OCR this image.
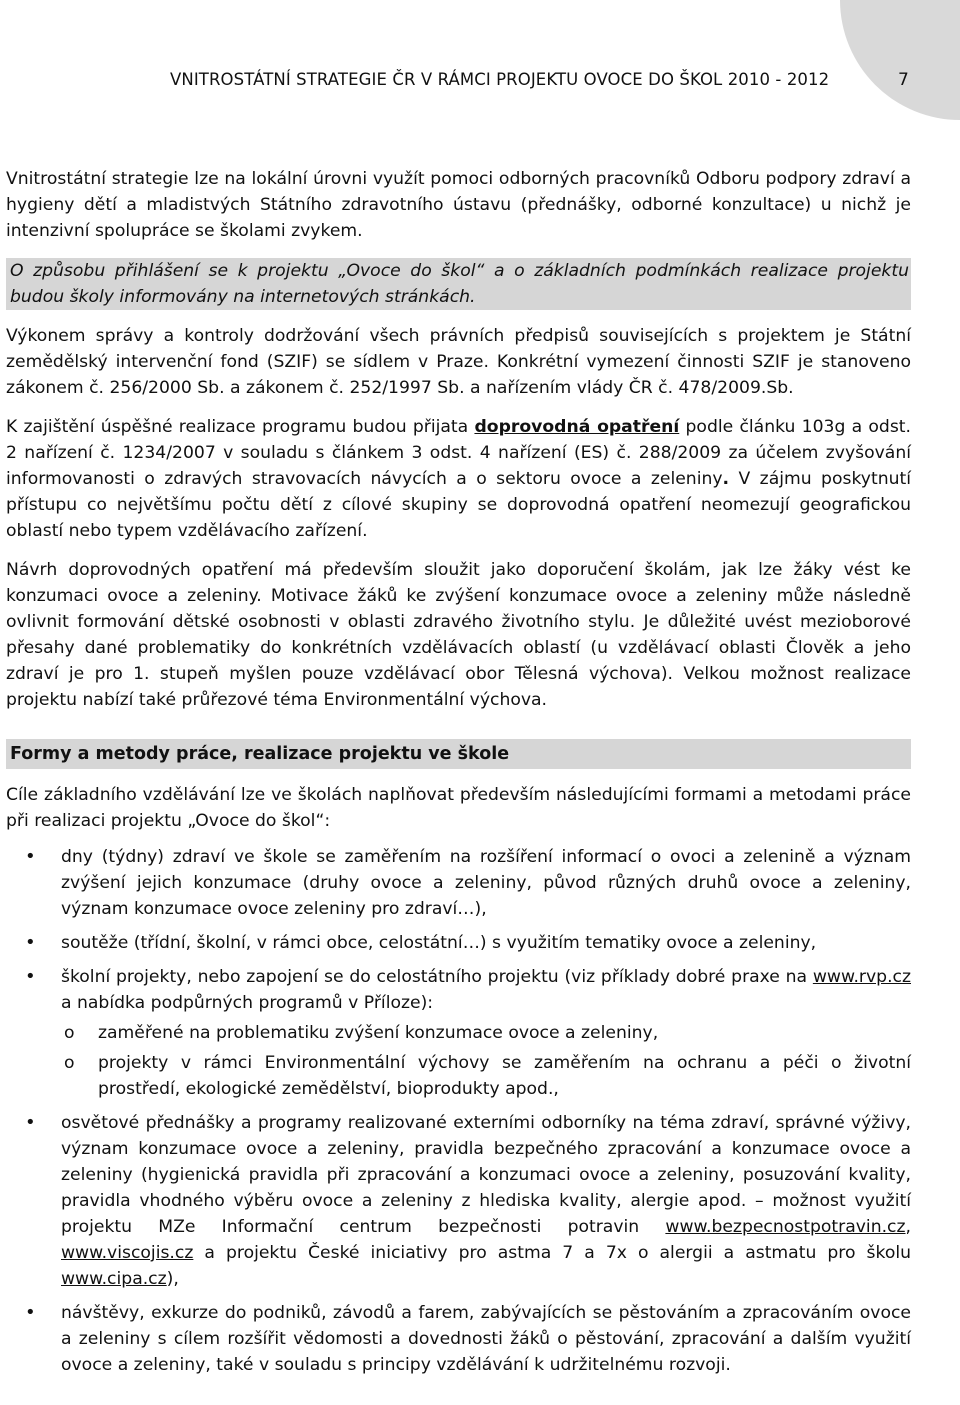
VNITROSTÁTNÍ STRATEGIE ČR V RÁMCI PROJEKTU OVOCE DO ŠKOL 2010 - 2012	7

Vnitrostátní strategie lze na lokální úrovni využít pomoci odborných pracovníků Odboru podpory zdraví a hygieny dětí a mladistvých Státního zdravotního ústavu (přednášky, odborné konzultace) u nichž je intenzivní spolupráce se školami zvykem.

O způsobu přihlášení se k projektu „Ovoce do škol“ a o základních podmínkách realizace projektu budou školy informovány na internetových stránkách.

Výkonem správy a kontroly dodržování všech právních předpisů souvisejících s projektem je Státní zemědělský intervenční fond (SZIF) se sídlem v Praze. Konkrétní vymezení činnosti SZIF je stanoveno zákonem č. 256/2000 Sb. a zákonem č. 252/1997 Sb. a nařízením vlády ČR č. 478/2009.Sb.

K zajištění úspěšné realizace programu budou přijata doprovodná opatření podle článku 103g a odst. 2 nařízení č. 1234/2007 v souladu s článkem 3 odst. 4 nařízení (ES) č. 288/2009 za účelem zvyšování informovanosti o zdravých stravovacích návycích a o sektoru ovoce a zeleniny. V zájmu poskytnutí přístupu co největšímu počtu dětí z cílové skupiny se doprovodná opatření neomezují geografickou oblastí nebo typem vzdělávacího zařízení.

Návrh doprovodných opatření má především sloužit jako doporučení školám, jak lze žáky vést ke konzumaci ovoce a zeleniny. Motivace žáků ke zvýšení konzumace ovoce a zeleniny může následně ovlivnit formování dětské osobnosti v oblasti zdravého životního stylu. Je důležité uvést mezioborové přesahy dané problematiky do konkrétních vzdělávacích oblastí (u vzdělávací oblasti Člověk a jeho zdraví je pro 1. stupeň myšlen pouze vzdělávací obor Tělesná výchova). Velkou možnost realizace projektu nabízí také průřezové téma Environmentální výchova.

Formy a metody práce, realizace projektu ve škole

Cíle základního vzdělávání lze ve školách naplňovat především následujícími formami a metodami práce při realizaci projektu „Ovoce do škol“:

• dny (týdny) zdraví ve škole se zaměřením na rozšíření informací o ovoci a zelenině a význam zvýšení jejich konzumace (druhy ovoce a zeleniny, původ různých druhů ovoce a zeleniny, význam konzumace ovoce zeleniny pro zdraví…),
• soutěže (třídní, školní, v rámci obce, celostátní…) s využitím tematiky ovoce a zeleniny,
• školní projekty, nebo zapojení se do celostátního projektu (viz příklady dobré praxe na www.rvp.cz a nabídka podpůrných programů v Příloze):
o zaměřené na problematiku zvýšení konzumace ovoce a zeleniny,
o projekty v rámci Environmentální výchovy se zaměřením na ochranu a péči o životní prostředí, ekologické zemědělství, bioprodukty apod.,
• osvětové přednášky a programy realizované externími odborníky na téma zdraví, správné výživy, význam konzumace ovoce a zeleniny, pravidla bezpečného zpracování a konzumace ovoce a zeleniny (hygienická pravidla při zpracování a konzumaci ovoce a zeleniny, posuzování kvality, pravidla vhodného výběru ovoce a zeleniny z hlediska kvality, alergie apod. – možnost využití projektu MZe Informační centrum bezpečnosti potravin www.bezpecnostpotravin.cz, www.viscojis.cz a projektu České iniciativy pro astma 7 a 7x o alergii a astmatu pro školu www.cipa.cz),
• návštěvy, exkurze do podniků, závodů a farem, zabývajících se pěstováním a zpracováním ovoce a zeleniny s cílem rozšířit vědomosti a dovednosti žáků o pěstování, zpracování a dalším využití ovoce a zeleniny, také v souladu s principy vzdělávání k udržitelnému rozvoji.
